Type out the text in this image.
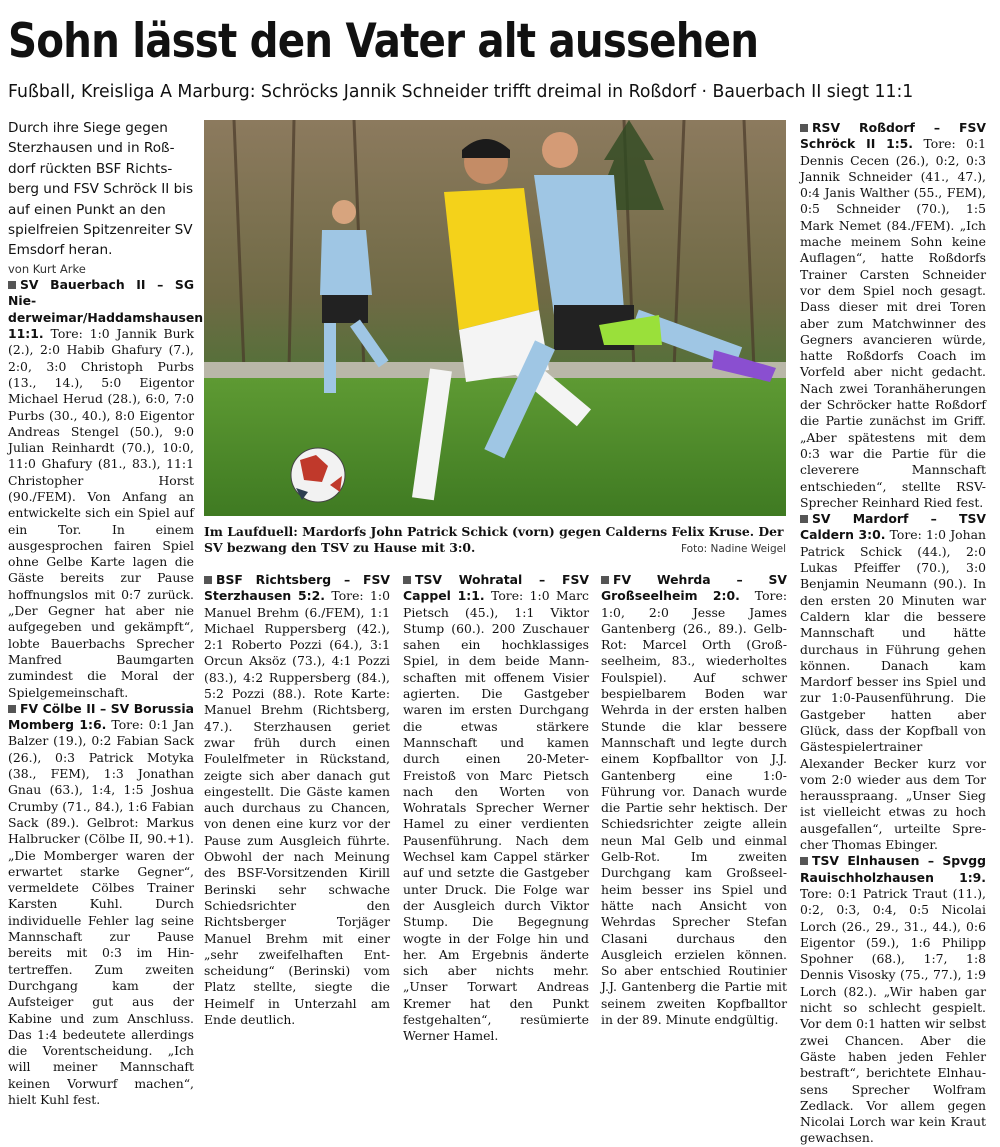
Sohn lässt den Vater alt aussehen

Fußball, Kreisliga A Marburg: Schröcks Jannik Schneider trifft dreimal in Roßdorf · Bauerbach II siegt 11:1

Durch ihre Siege gegen Sterzhausen und in Roßdorf rückten BSF Richtsberg und FSV Schröck II bis auf einen Punkt an den spielfreien Spitzenreiter SV Emsdorf heran.

von Kurt Arke

SV Bauerbach II – SG Niederweimar/Haddamshausen 11:1. Tore: 1:0 Jannik Burk (2.), 2:0 Habib Ghafury (7.), 2:0, 3:0 Christoph Purbs (13., 14.), 5:0 Eigentor Michael Herud (28.), 6:0, 7:0 Purbs (30., 40.), 8:0 Eigentor Andreas Stengel (50.), 9:0 Julian Reinhardt (70.), 10:0, 11:0 Ghafury (81., 83.), 11:1 Christopher Horst (90./FEM). Von Anfang an entwickelte sich ein Spiel auf ein Tor. In einem ausgesprochen fairen Spiel ohne Gelbe Karte lagen die Gäste bereits zur Pause hoffnungslos mit 0:7 zurück. „Der Gegner hat aber nie aufgegeben und gekämpft“, lobte Bauerbachs Sprecher Manfred Baumgarten zumindest die Moral der Spielgemeinschaft.

FV Cölbe II – SV Borussia Momberg 1:6. Tore: 0:1 Jan Balzer (19.), 0:2 Fabian Sack (26.), 0:3 Patrick Motyka (38., FEM), 1:3 Jonathan Gnau (63.), 1:4, 1:5 Joshua Crumby (71., 84.), 1:6 Fabian Sack (89.). Gelbrot: Markus Halbrucker (Cölbe II, 90.+1). „Die Momberger waren der erwartet starke Gegner“, vermeldete Cölbes Trainer Karsten Kuhl. Durch individuelle Fehler lag seine Mannschaft zur Pause bereits mit 0:3 im Hintertreffen. Zum zweiten Durchgang kam der Aufsteiger gut aus der Kabine und zum Anschluss. Das 1:4 bedeutete allerdings die Vorentscheidung. „Ich will meiner Mannschaft keinen Vorwurf machen“, hielt Kuhl fest.

Im Laufduell: Mardorfs John Patrick Schick (vorn) gegen Calderns Felix Kruse. Der SV bezwang den TSV zu Hause mit 3:0.	Foto: Nadine Weigel

BSF Richtsberg – FSV Sterzhausen 5:2. Tore: 1:0 Manuel Brehm (6./FEM), 1:1 Michael Ruppersberg (42.), 2:1 Roberto Pozzi (64.), 3:1 Orcun Aksöz (73.), 4:1 Pozzi (83.), 4:2 Ruppersberg (84.), 5:2 Pozzi (88.). Rote Karte: Manuel Brehm (Richtsberg, 47.). Sterzhausen geriet zwar früh durch einen Foulelfmeter in Rückstand, zeigte sich aber danach gut eingestellt. Die Gäste kamen auch durchaus zu Chancen, von denen eine kurz vor der Pause zum Ausgleich führte. Obwohl der nach Meinung des BSF-Vorsitzenden Kirill Berinski sehr schwache Schiedsrichter den Richtsberger Torjäger Manuel Brehm mit einer „sehr zweifelhaften Entscheidung“ (Berinski) vom Platz stellte, siegte die Heimelf in Unterzahl am Ende deutlich.

TSV Wohratal – FSV Cappel 1:1. Tore: 1:0 Marc Pietsch (45.), 1:1 Viktor Stump (60.). 200 Zuschauer sahen ein hochklassiges Spiel, in dem beide Mannschaften mit offenem Visier agierten. Die Gastgeber waren im ersten Durchgang die etwas stärkere Mannschaft und kamen durch einen 20-Meter-Freistoß von Marc Pietsch nach den Worten von Wohratals Sprecher Werner Hamel zu einer verdienten Pausenführung. Nach dem Wechsel kam Cappel stärker auf und setzte die Gastgeber unter Druck. Die Folge war der Ausgleich durch Viktor Stump. Die Begegnung wogte in der Folge hin und her. Am Ergebnis änderte sich aber nichts mehr. „Unser Torwart Andreas Kremer hat den Punkt festgehalten“, resümierte Werner Hamel.

FV Wehrda – SV Großseelheim 2:0. Tore: 1:0, 2:0 Jesse James Gantenberg (26., 89.). Gelb-Rot: Marcel Orth (Großseelheim, 83., wiederholtes Foulspiel). Auf schwer bespielbarem Boden war Wehrda in der ersten halben Stunde die klar bessere Mannschaft und legte durch einem Kopfballtor von J.J. Gantenberg eine 1:0-Führung vor. Danach wurde die Partie sehr hektisch. Der Schiedsrichter zeigte allein neun Mal Gelb und einmal Gelb-Rot. Im zweiten Durchgang kam Großseelheim besser ins Spiel und hätte nach Ansicht von Wehrdas Sprecher Stefan Clasani durchaus den Ausgleich erzielen können. So aber entschied Routinier J.J. Gantenberg die Partie mit seinem zweiten Kopfballtor in der 89. Minute endgültig.

RSV Roßdorf – FSV Schröck II 1:5. Tore: 0:1 Dennis Cecen (26.), 0:2, 0:3 Jannik Schneider (41., 47.), 0:4 Janis Walther (55., FEM), 0:5 Schneider (70.), 1:5 Mark Nemet (84./FEM). „Ich mache meinem Sohn keine Auflagen“, hatte Roßdorfs Trainer Carsten Schneider vor dem Spiel noch gesagt. Dass dieser mit drei Toren aber zum Matchwinner des Gegners avancieren würde, hatte Roßdorfs Coach im Vorfeld aber nicht gedacht. Nach zwei Toranhäherungen der Schröcker hatte Roßdorf die Partie zunächst im Griff. „Aber spätestens mit dem 0:3 war die Partie für die cleverere Mannschaft entschieden“, stellte RSV-Sprecher Reinhard Ried fest.

SV Mardorf – TSV Caldern 3:0. Tore: 1:0 Johan Patrick Schick (44.), 2:0 Lukas Pfeiffer (70.), 3:0 Benjamin Neumann (90.). In den ersten 20 Minuten war Caldern klar die bessere Mannschaft und hätte durchaus in Führung gehen können. Danach kam Mardorf besser ins Spiel und zur 1:0-Pausenführung. Die Gastgeber hatten aber Glück, dass der Kopfball von Gästespielertrainer Alexander Becker kurz vor vom 2:0 wieder aus dem Tor herausspraang. „Unser Sieg ist vielleicht etwas zu hoch ausgefallen“, urteilte Sprecher Thomas Ebinger.

TSV Elnhausen – Spvgg Rauischholzhausen 1:9. Tore: 0:1 Patrick Traut (11.), 0:2, 0:3, 0:4, 0:5 Nicolai Lorch (26., 29., 31., 44.), 0:6 Eigentor (59.), 1:6 Philipp Spohner (68.), 1:7, 1:8 Dennis Visosky (75., 77.), 1:9 Lorch (82.). „Wir haben gar nicht so schlecht gespielt. Vor dem 0:1 hatten wir selbst zwei Chancen. Aber die Gäste haben jeden Fehler bestraft“, berichtete Elnhausens Sprecher Wolfram Zedlack. Vor allem gegen Nicolai Lorch war kein Kraut gewachsen.
